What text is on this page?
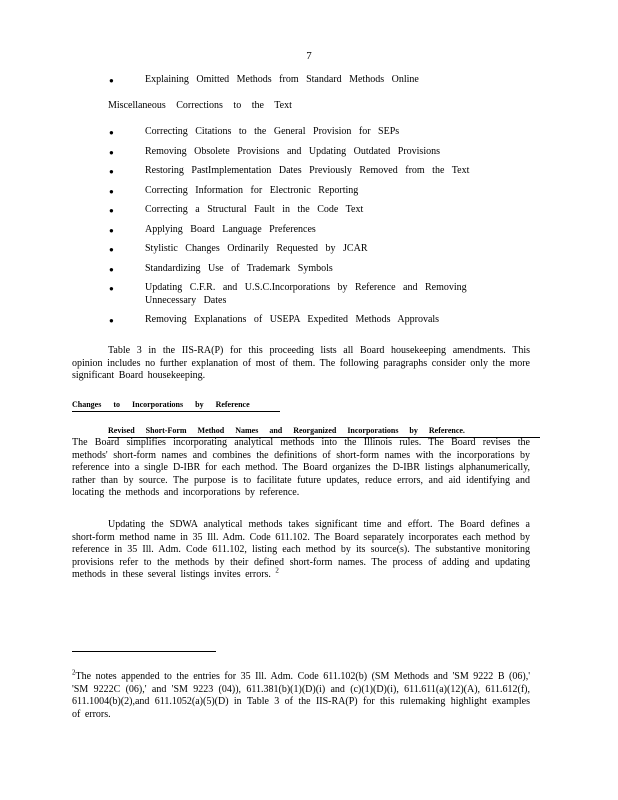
7
● Explaining Omitted Methods from Standard Methods Online
Miscellaneous Corrections to the Text
● Correcting Citations to the General Provision for SEPs
● Removing Obsolete Provisions and Updating Outdated Provisions
● Restoring PastImplementation Dates Previously Removed from the Text
● Correcting Information for Electronic Reporting
● Correcting a Structural Fault in the Code Text
● Applying Board Language Preferences
● Stylistic Changes Ordinarily Requested by JCAR
● Standardizing Use of Trademark Symbols
● Updating C.F.R. and U.S.C.Incorporations by Reference and Removing Unnecessary Dates
● Removing Explanations of USEPA Expedited Methods Approvals

Table 3 in the IIS-RA(P) for this proceeding lists all Board housekeeping amendments. This opinion includes no further explanation of most of them. The following paragraphs consider only the more significant Board housekeeping.

Changes to Incorporations by Reference
Revised Short-Form Method Names and Reorganized Incorporations by Reference.

The Board simplifies incorporating analytical methods into the Illinois rules. The Board revises the methods' short-form names and combines the definitions of short-form names with the incorporations by reference into a single D-IBR for each method. The Board organizes the D-IBR listings alphanumerically, rather than by source. The purpose is to facilitate future updates, reduce errors, and aid identifying and locating the methods and incorporations by reference.

Updating the SDWA analytical methods takes significant time and effort. The Board defines a short-form method name in 35 Ill. Adm. Code 611.102. The Board separately incorporates each method by reference in 35 Ill. Adm. Code 611.102, listing each method by its source(s). The substantive monitoring provisions refer to the methods by their defined short-form names. The process of adding and updating methods in these several listings invites errors. $^2$

$^2$The notes appended to the entries for 35 Ill. Adm. Code 611.102(b) (SM Methods and 'SM 9222 B (06),' 'SM 9222C (06),' and 'SM 9223 (04)), 611.381(b)(1)(D)(i) and (c)(1)(D)(i), 611.611(a)(12)(A), 611.612(f), 611.1004(b)(2),and 611.1052(a)(5)(D) in Table 3 of the IIS-RA(P) for this rulemaking highlight examples of errors.
